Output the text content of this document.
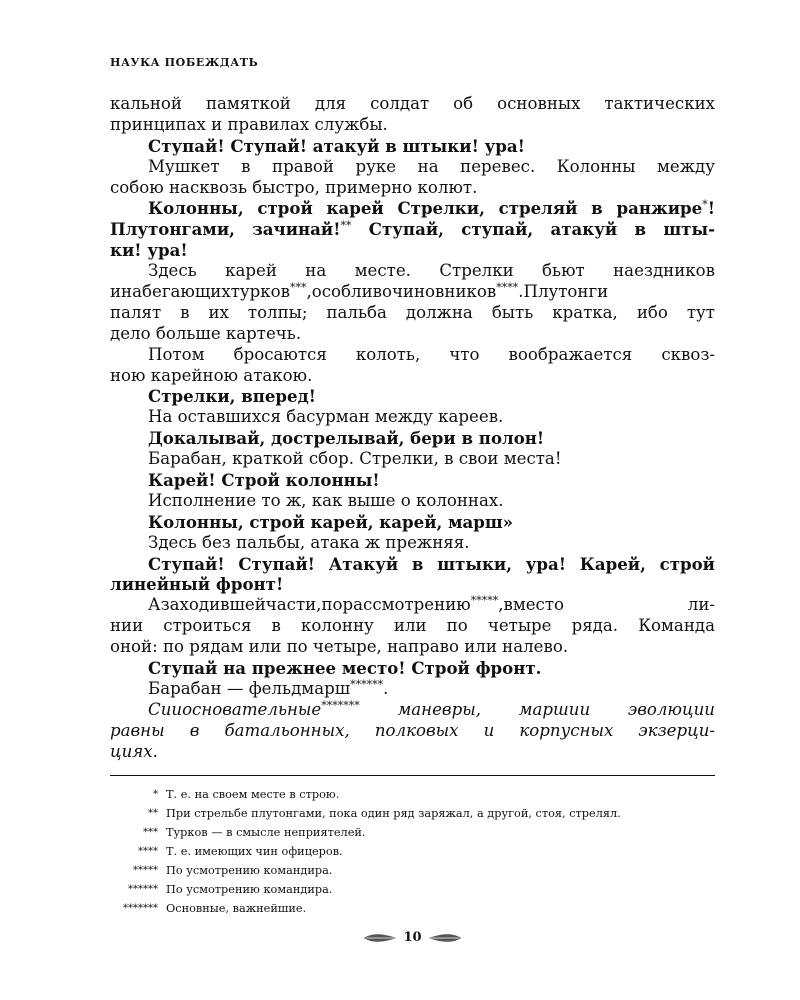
НАУКА ПОБЕЖДАТЬ
кальной памяткой для солдат об основных тактических
принципах и правилах службы.
Ступай! Ступай! атакуй в штыки! ура!
Мушкет в правой руке на перевес. Колонны между
собою насквозь быстро, примерно колют.
Колонны, строй карей Стрелки, стреляй в ранжире*!
Плутонгами, зачинай!** Ступай, ступай, атакуй в шты-
ки! ура!
Здесь карей на месте. Стрелки бьют наездников
инабегающихтурков***,особливочиновников****.Плутонги
палят в их толпы; пальба должна быть кратка, ибо тут
дело больше картечь.
Потом бросаются колоть, что воображается сквоз-
ною карейною атакою.
Стрелки, вперед!
На оставшихся басурман между кареев.
Докалывай, дострелывай, бери в полон!
Барабан, краткой сбор. Стрелки, в свои места!
Карей! Строй колонны!
Исполнение то ж, как выше о колоннах.
Колонны, строй карей, карей, марш»
Здесь без пальбы, атака ж прежняя.
Ступай! Ступай! Атакуй в штыки, ура! Карей, строй
линейный фронт!
Азаходившейчасти,порассмотрению*****,вместо ли-
нии строиться в колонну или по четыре ряда. Команда
оной: по рядам или по четыре, направо или налево.
Ступай на прежнее место! Строй фронт.
Барабан — фельдмарш******.
Сииосновательные******* маневры, маршии эволюции
равны в батальонных, полковых и корпусных экзерци-
циях.
* Т. е. на своем месте в строю.
** При стрельбе плутонгами, пока один ряд заряжал, а другой, стоя, стрелял.
*** Турков — в смысле неприятелей.
**** Т. е. имеющих чин офицеров.
***** По усмотрению командира.
****** По усмотрению командира.
******* Основные, важнейшие.
10
